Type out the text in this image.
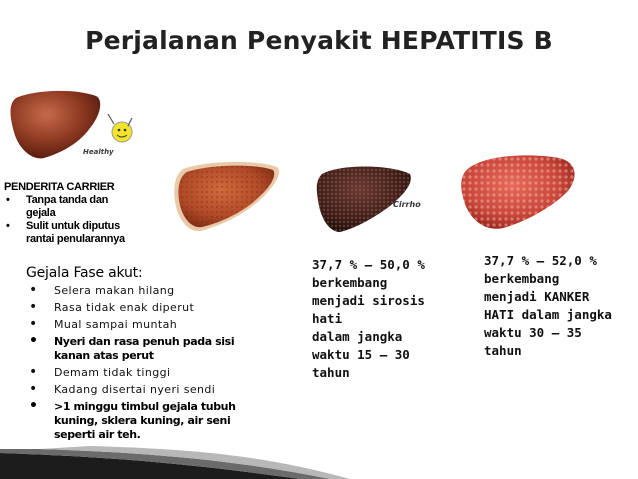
Perjalanan Penyakit HEPATITIS B
Healthy
Cirrho
PENDERITA CARRIER
• Tanpa tanda dan
gejala
• Sulit untuk diputus
rantai penularannya
Gejala Fase akut:
• Selera makan hilang
• Rasa tidak enak diperut
• Mual sampai muntah
• Nyeri dan rasa penuh pada sisi
kanan atas perut
• Demam tidak tinggi
• Kadang disertai nyeri sendi
• >1 minggu timbul gejala tubuh
kuning, sklera kuning, air seni
seperti air teh.
37,7 % – 50,0 %
berkembang
menjadi sirosis
hati
dalam jangka
waktu 15 – 30
tahun
37,7 % – 52,0 %
berkembang
menjadi KANKER
HATI dalam jangka
waktu 30 – 35
tahun
